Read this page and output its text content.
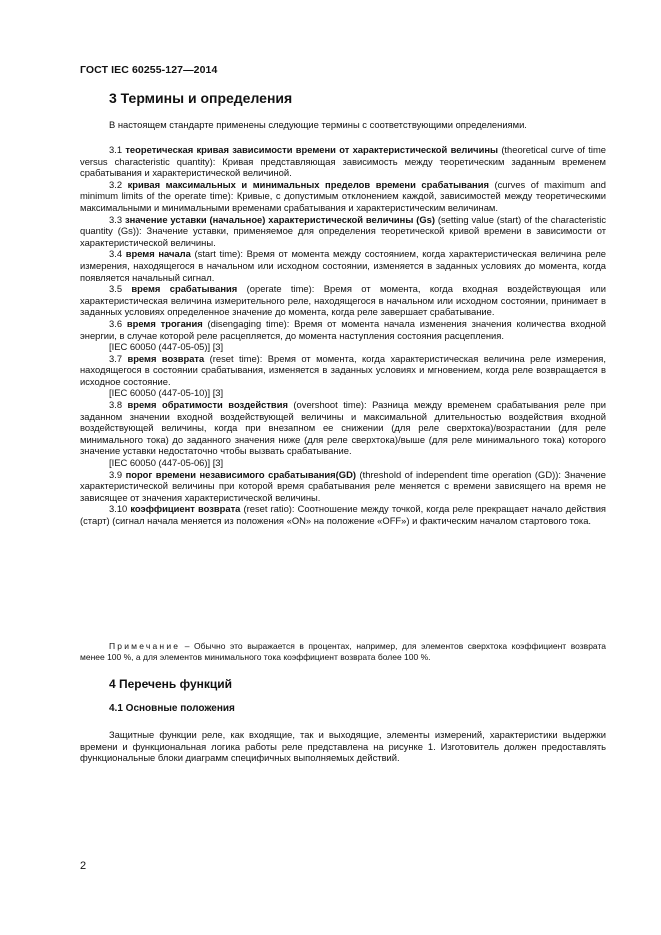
ГОСТ IEC 60255-127—2014
3 Термины и определения

В настоящем стандарте применены следующие термины с соответствующими определениями.

3.1 теоретическая кривая зависимости времени от характеристической величины (theoretical curve of time versus characteristic quantity): Кривая представляющая зависимость между теоретическим заданным временем срабатывания и характеристической величиной.

3.2 кривая максимальных и минимальных пределов времени срабатывания (curves of maximum and minimum limits of the operate time): Кривые, с допустимым отклонением каждой, зависимостей между теоретическими максимальными и минимальными временами срабатывания и характеристическим величинам.

3.3 значение уставки (начальное) характеристической величины (Gs) (setting value (start) of the characteristic quantity (Gs)): Значение уставки, применяемое для определения теоретической кривой времени в зависимости от характеристической величины.

3.4 время начала (start time): Время от момента между состоянием, когда характеристическая величина реле измерения, находящегося в начальном или исходном состоянии, изменяется в заданных условиях до момента, когда появляется начальный сигнал.

3.5 время срабатывания (operate time): Время от момента, когда входная воздействующая или характеристическая величина измерительного реле, находящегося в начальном или исходном состоянии, принимает в заданных условиях определенное значение до момента, когда реле завершает срабатывание.

3.6 время трогания (disengaging time): Время от момента начала изменения значения количества входной энергии, в случае которой реле расцепляется, до момента наступления состояния расцепления.

[IEC 60050 (447-05-05)] [3]

3.7 время возврата (reset time): Время от момента, когда характеристическая величина реле измерения, находящегося в состоянии срабатывания, изменяется в заданных условиях и мгновением, когда реле возвращается в исходное состояние.

[IEC 60050 (447-05-10)] [3]

3.8 время обратимости воздействия (overshoot time): Разница между временем срабатывания реле при заданном значении входной воздействующей величины и максимальной длительностью воздействия входной воздействующей величины, когда при внезапном ее снижении (для реле сверхтока)/возрастании (для реле минимального тока) до заданного значения ниже (для реле сверхтока)/выше (для реле минимального тока) которого значение уставки недостаточно чтобы вызвать срабатывание.

[IEC 60050 (447-05-06)] [3]

3.9 порог времени независимого срабатывания(GD) (threshold of independent time operation (GD)): Значение характеристической величины при которой время срабатывания реле меняется с времени зависящего на время не зависящее от значения характеристической величины.

3.10 коэффициент возврата (reset ratio): Соотношение между точкой, когда реле прекращает начало действия (старт) (сигнал начала меняется из положения «ON» на положение «OFF») и фактическим началом стартового тока.

Примечание – Обычно это выражается в процентах, например, для элементов сверхтока коэффициент возврата менее 100 %, а для элементов минимального тока коэффициент возврата более 100 %.

4 Перечень функций
4.1 Основные положения

Защитные функции реле, как входящие, так и выходящие, элементы измерений, характеристики выдержки времени и функциональная логика работы реле представлена на рисунке 1. Изготовитель должен предоставлять функциональные блоки диаграмм специфичных выполняемых действий.

2
